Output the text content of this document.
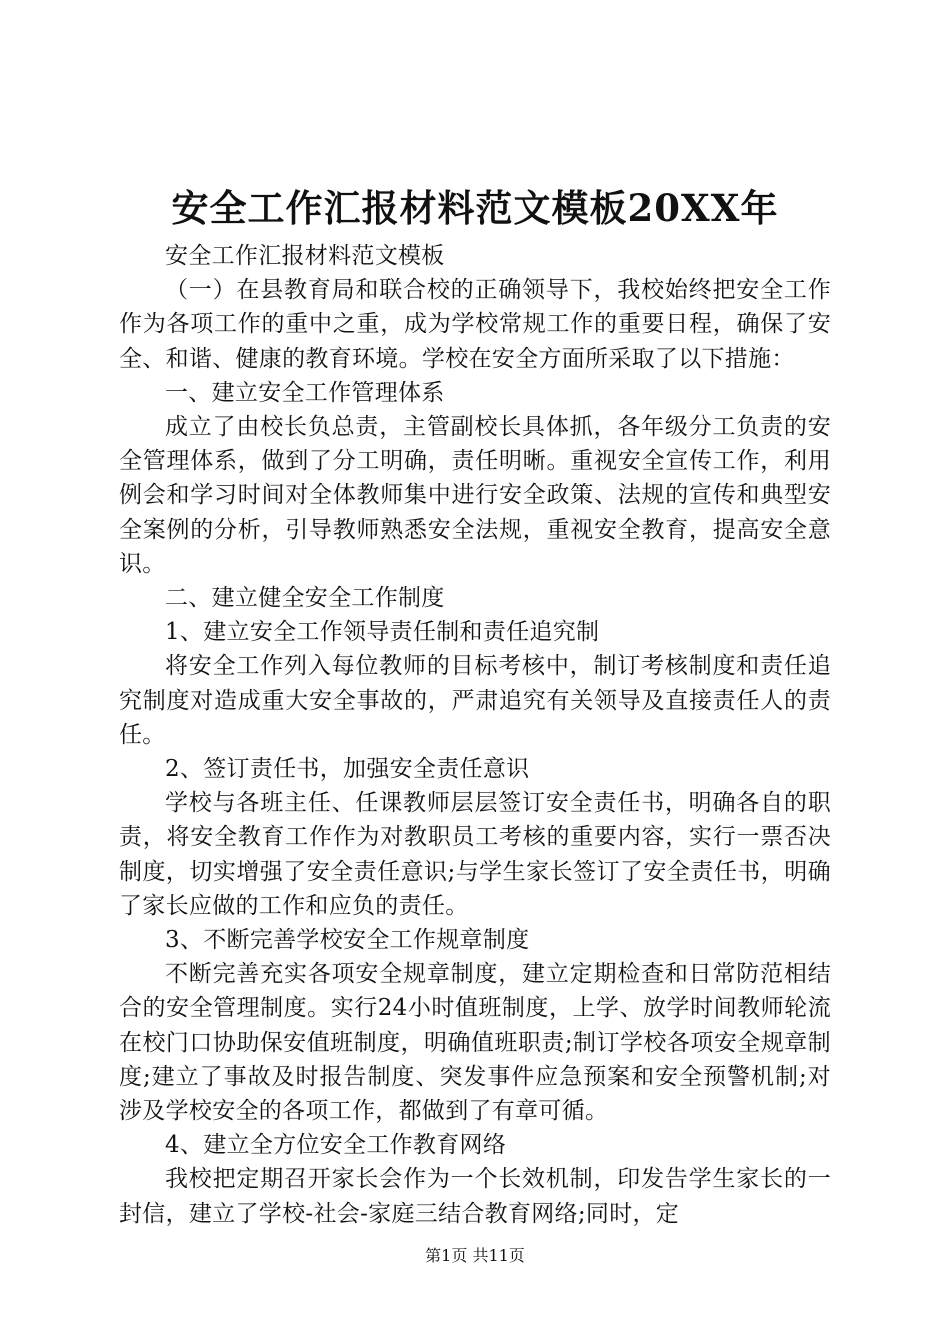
安全工作汇报材料范文模板20XX年

安全工作汇报材料范文模板

（一）在县教育局和联合校的正确领导下，我校始终把安全工作作为各项工作的重中之重，成为学校常规工作的重要日程，确保了安全、和谐、健康的教育环境。学校在安全方面所采取了以下措施：

一、建立安全工作管理体系

成立了由校长负总责，主管副校长具体抓，各年级分工负责的安全管理体系，做到了分工明确，责任明晰。重视安全宣传工作，利用例会和学习时间对全体教师集中进行安全政策、法规的宣传和典型安全案例的分析，引导教师熟悉安全法规，重视安全教育，提高安全意识。

二、建立健全安全工作制度

1、建立安全工作领导责任制和责任追究制

将安全工作列入每位教师的目标考核中，制订考核制度和责任追究制度对造成重大安全事故的，严肃追究有关领导及直接责任人的责任。

2、签订责任书，加强安全责任意识

学校与各班主任、任课教师层层签订安全责任书，明确各自的职责，将安全教育工作作为对教职员工考核的重要内容，实行一票否决制度，切实增强了安全责任意识;与学生家长签订了安全责任书，明确了家长应做的工作和应负的责任。

3、不断完善学校安全工作规章制度

不断完善充实各项安全规章制度，建立定期检查和日常防范相结合的安全管理制度。实行24小时值班制度，上学、放学时间教师轮流在校门口协助保安值班制度，明确值班职责;制订学校各项安全规章制度;建立了事故及时报告制度、突发事件应急预案和安全预警机制;对涉及学校安全的各项工作，都做到了有章可循。

4、建立全方位安全工作教育网络

我校把定期召开家长会作为一个长效机制，印发告学生家长的一封信，建立了学校-社会-家庭三结合教育网络;同时，定

第1页 共11页
